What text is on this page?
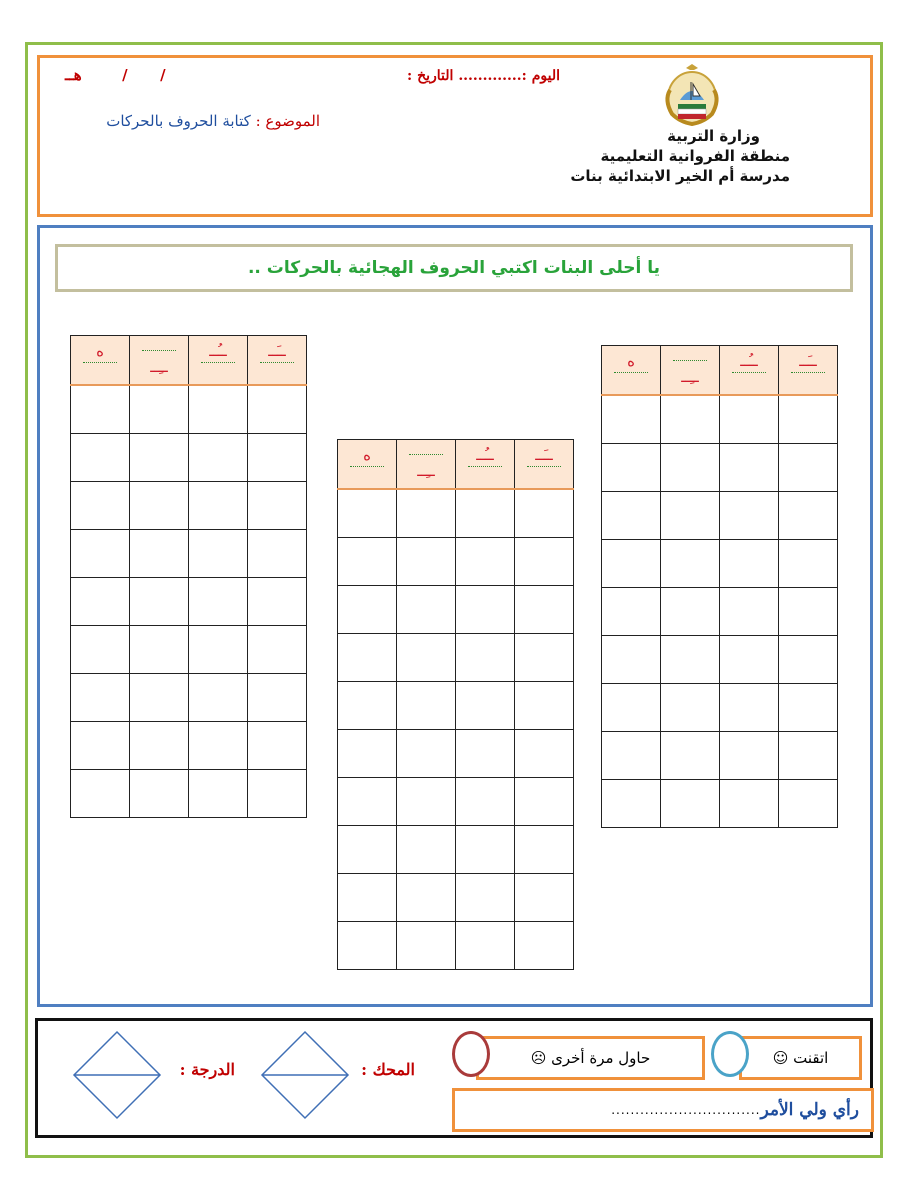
اليوم :............. التاريخ :
هــ	/ /
الموضوع : كتابة الحروف بالحركات
وزارة التربية
منطقة الفروانية التعليمية
مدرسة أم الخير الابتدائية بنات
يا أحلى البنات اكتبي الحروف الهجائية بالحركات ..
ه	ــِــ	ــُــ	ــَــ

ه	ــِــ	ــُــ	ــَــ

ه	ــِــ	ــُــ	ــَــ

اتقنت ☺
حاول مرة أخرى ☹
رأي ولي الأمر
...............................
المحك :
الدرجة :
